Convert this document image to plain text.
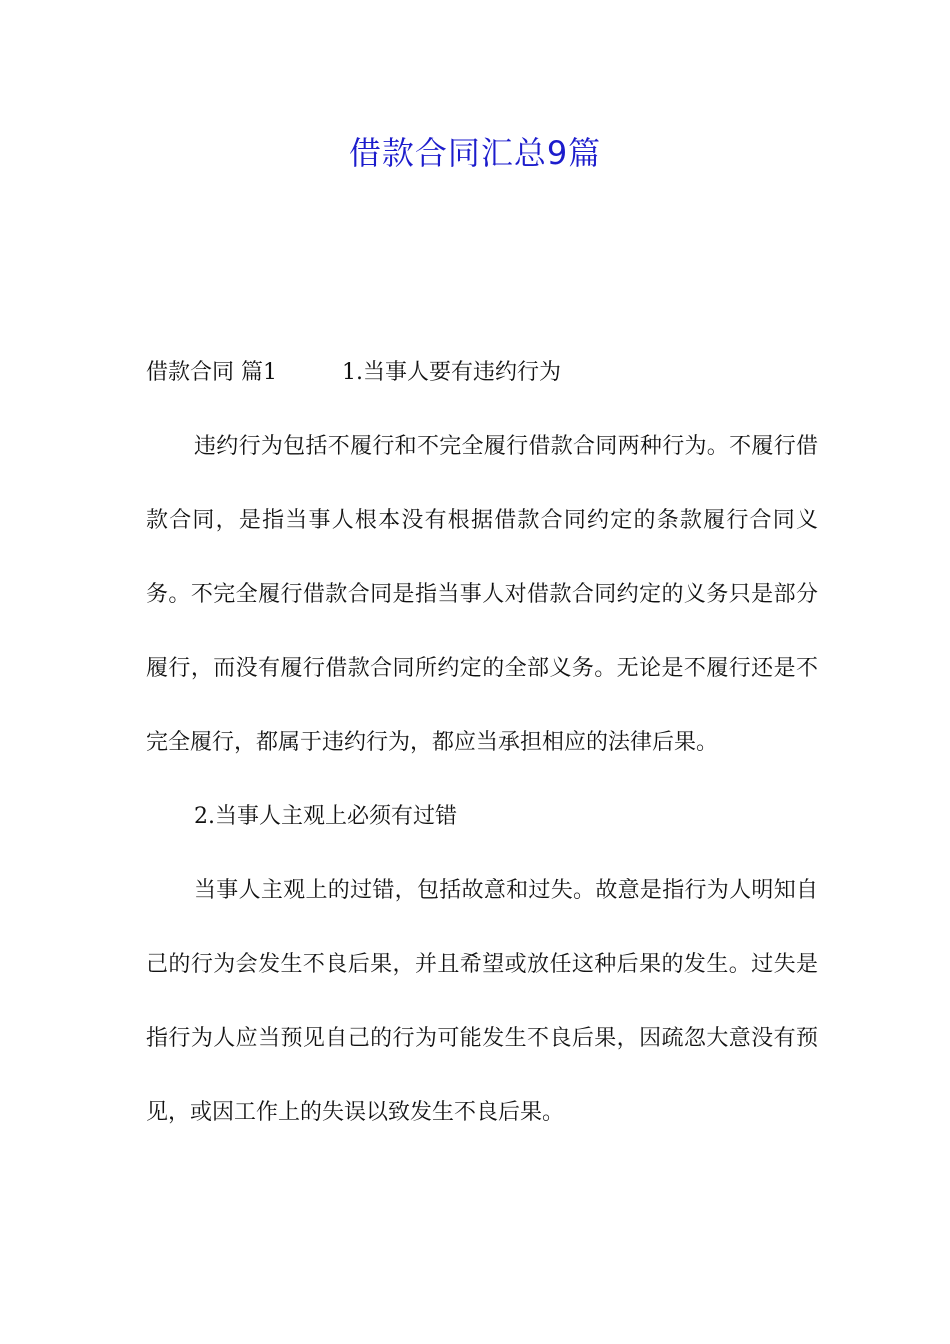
借款合同汇总9篇

借款合同 篇1	1.当事人要有违约行为

违约行为包括不履行和不完全履行借款合同两种行为。不履行借款合同，是指当事人根本没有根据借款合同约定的条款履行合同义务。不完全履行借款合同是指当事人对借款合同约定的义务只是部分履行，而没有履行借款合同所约定的全部义务。无论是不履行还是不完全履行，都属于违约行为，都应当承担相应的法律后果。

2.当事人主观上必须有过错

当事人主观上的过错，包括故意和过失。故意是指行为人明知自己的行为会发生不良后果，并且希望或放任这种后果的发生。过失是指行为人应当预见自己的行为可能发生不良后果，因疏忽大意没有预见，或因工作上的失误以致发生不良后果。
